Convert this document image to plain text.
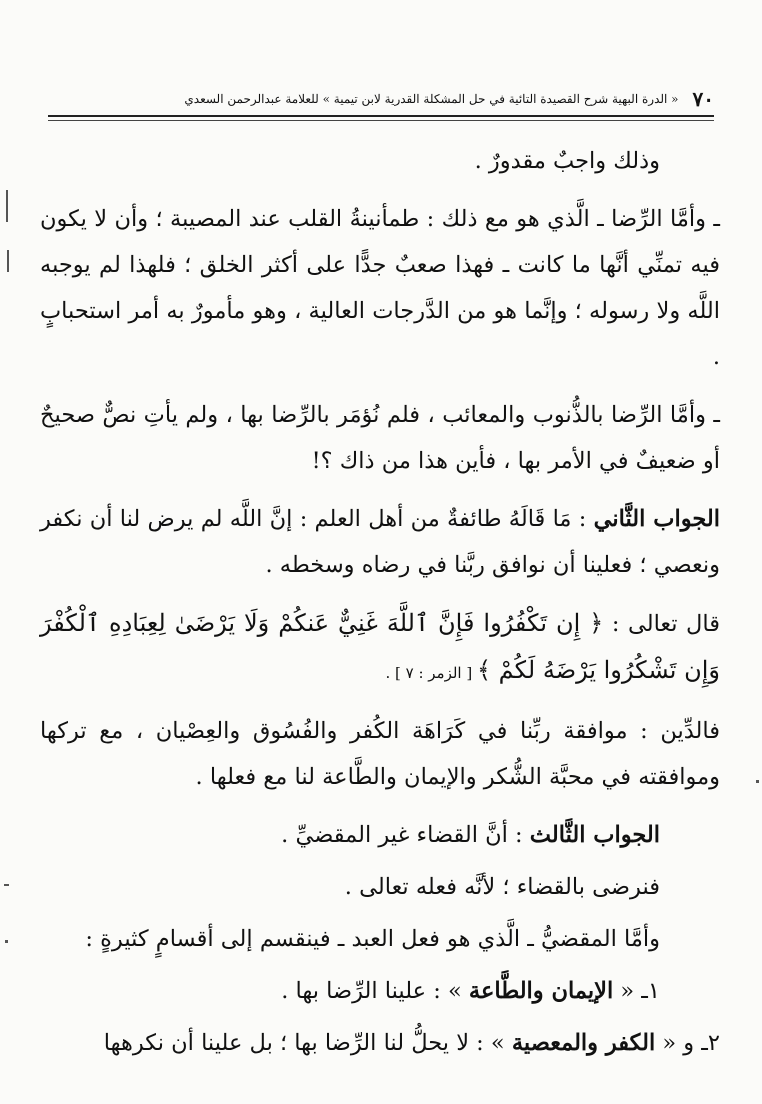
٧٠
« الدرة البهية شرح القصيدة التائية في حل المشكلة القدرية لابن تيمية » للعلامة عبدالرحمن السعدي

وذلك واجبٌ مقدورٌ .

ـ وأمَّا الرِّضا ـ الَّذي هو مع ذلك : طمأنينةُ القلب عند المصيبة ؛ وأن لا يكون فيه تمنِّي أنَّها ما كانت ـ فهذا صعبٌ جدًّا على أكثر الخلق ؛ فلهذا لم يوجبه اللَّه ولا رسوله ؛ وإنَّما هو من الدَّرجات العالية ، وهو مأمورٌ به أمر استحبابٍ .

ـ وأمَّا الرِّضا بالذُّنوب والمعائب ، فلم نُؤمَر بالرِّضا بها ، ولم يأتِ نصٌّ صحيحٌ أو ضعيفٌ في الأمر بها ، فأين هذا من ذاك ؟!

الجواب الثَّاني : مَا قَالَهُ طائفةٌ من أهل العلم : إنَّ اللَّه لم يرض لنا أن نكفر ونعصي ؛ فعلينا أن نوافق ربَّنا في رضاه وسخطه .

قال تعالى : ﴿ إِن تَكْفُرُوا فَإِنَّ ٱللَّهَ غَنِيٌّ عَنكُمْ وَلَا يَرْضَىٰ لِعِبَادِهِ ٱلْكُفْرَ وَإِن تَشْكُرُوا يَرْضَهُ لَكُمْ ﴾ [ الزمر : ٧ ] .

فالدِّين : موافقة ربِّنا في كَرَاهَة الكُفر والفُسُوق والعِصْيان ، مع تركها وموافقته في محبَّة الشُّكر والإيمان والطَّاعة لنا مع فعلها .

الجواب الثَّالث : أنَّ القضاء غير المقضيِّ .

فنرضى بالقضاء ؛ لأنَّه فعله تعالى .

وأمَّا المقضيُّ ـ الَّذي هو فعل العبد ـ فينقسم إلى أقسامٍ كثيرةٍ :

١ـ « الإيمان والطَّاعة » : علينا الرِّضا بها .

٢ـ و « الكفر والمعصية » : لا يحلُّ لنا الرِّضا بها ؛ بل علينا أن نكرهها
